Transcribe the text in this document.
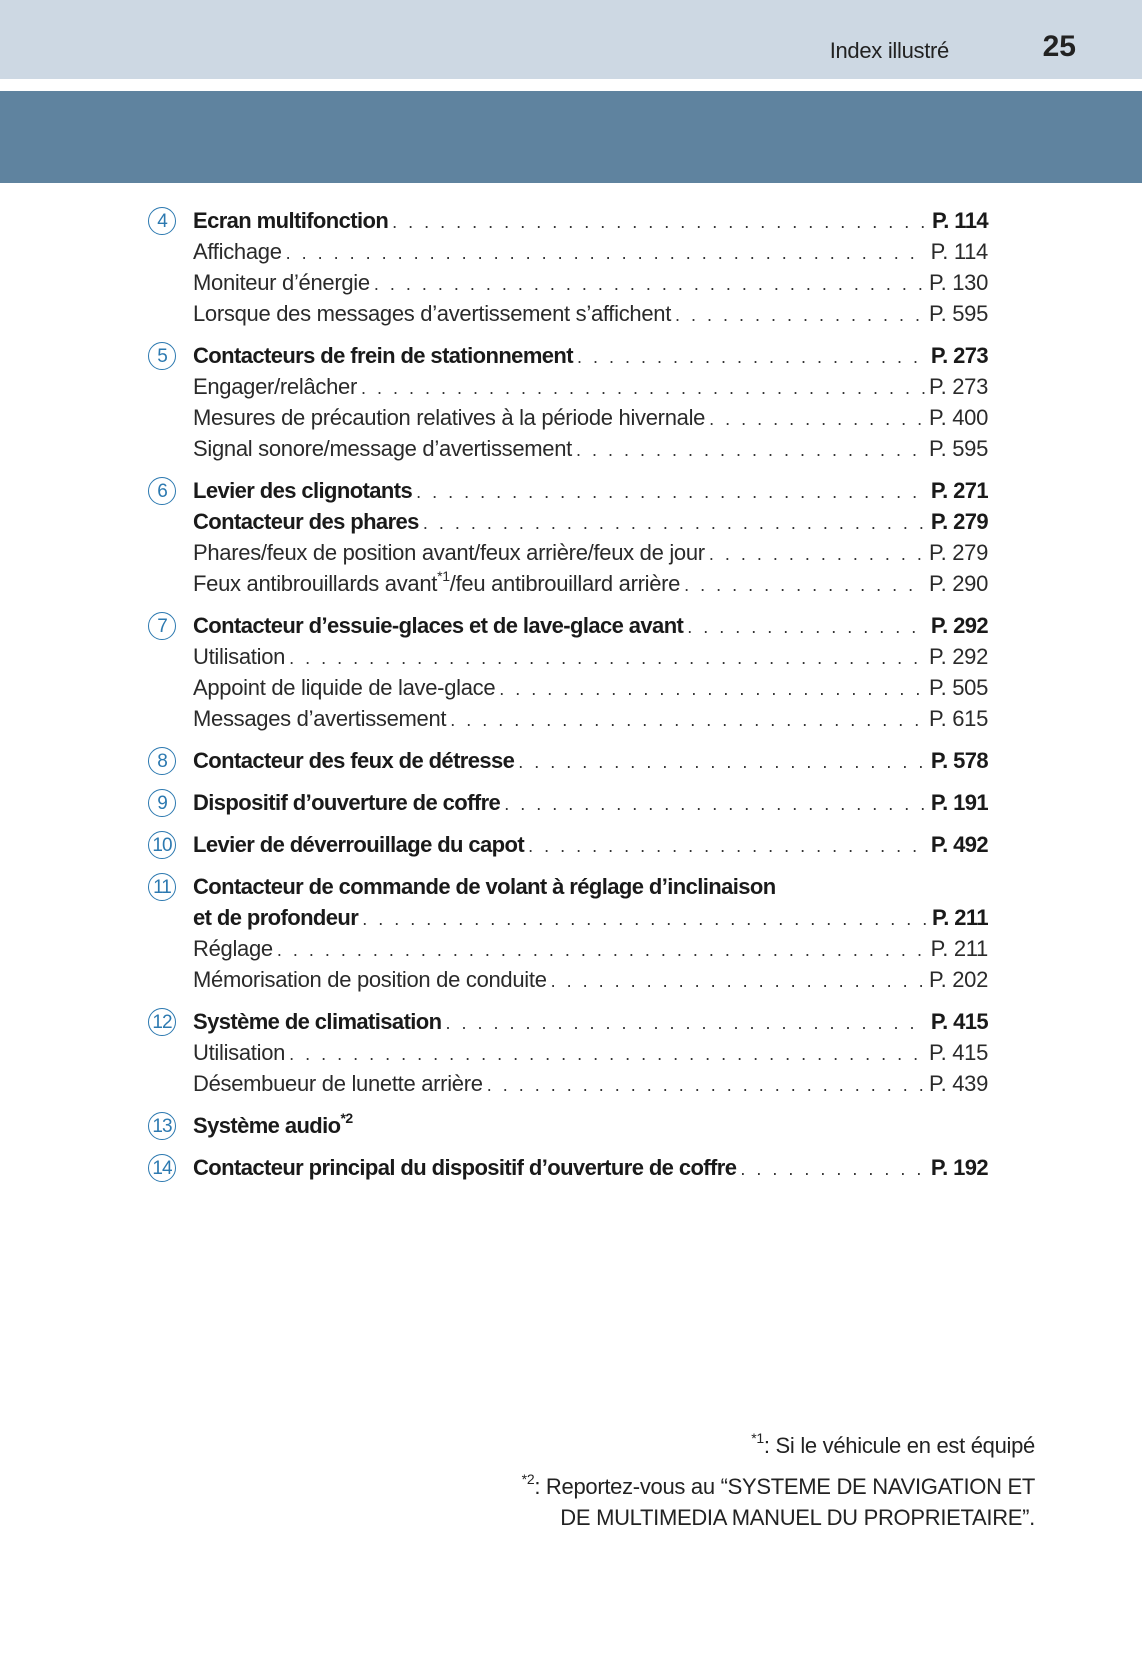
Index illustré	25
4	Ecran multifonction . . .	P. 114
Affichage . . .	P. 114
Moniteur d’énergie . . .	P. 130
Lorsque des messages d’avertissement s’affichent . . .	P. 595
5	Contacteurs de frein de stationnement . . .	P. 273
Engager/relâcher . . .	P. 273
Mesures de précaution relatives à la période hivernale . . .	P. 400
Signal sonore/message d’avertissement . . .	P. 595
6	Levier des clignotants . . .	P. 271
Contacteur des phares . . .	P. 279
Phares/feux de position avant/feux arrière/feux de jour . . .	P. 279
Feux antibrouillards avant$^{*1}$/feu antibrouillard arrière . . .	P. 290
7	Contacteur d’essuie-glaces et de lave-glace avant . . .	P. 292
Utilisation . . .	P. 292
Appoint de liquide de lave-glace . . .	P. 505
Messages d’avertissement . . .	P. 615
8	Contacteur des feux de détresse . . .	P. 578
9	Dispositif d’ouverture de coffre . . .	P. 191
10 Levier de déverrouillage du capot . . .	P. 492
11 Contacteur de commande de volant à réglage d’inclinaison
et de profondeur . . .	P. 211
Réglage . . .	P. 211
Mémorisation de position de conduite . . .	P. 202
12 Système de climatisation . . .	P. 415
Utilisation . . .	P. 415
Désembueur de lunette arrière . . .	P. 439
13 Système audio$^{*2}$
14 Contacteur principal du dispositif d’ouverture de coffre . . .	P. 192
$^{*1}$: Si le véhicule en est équipé
$^{*2}$: Reportez-vous au “SYSTEME DE NAVIGATION ET
DE MULTIMEDIA MANUEL DU PROPRIETAIRE”.
